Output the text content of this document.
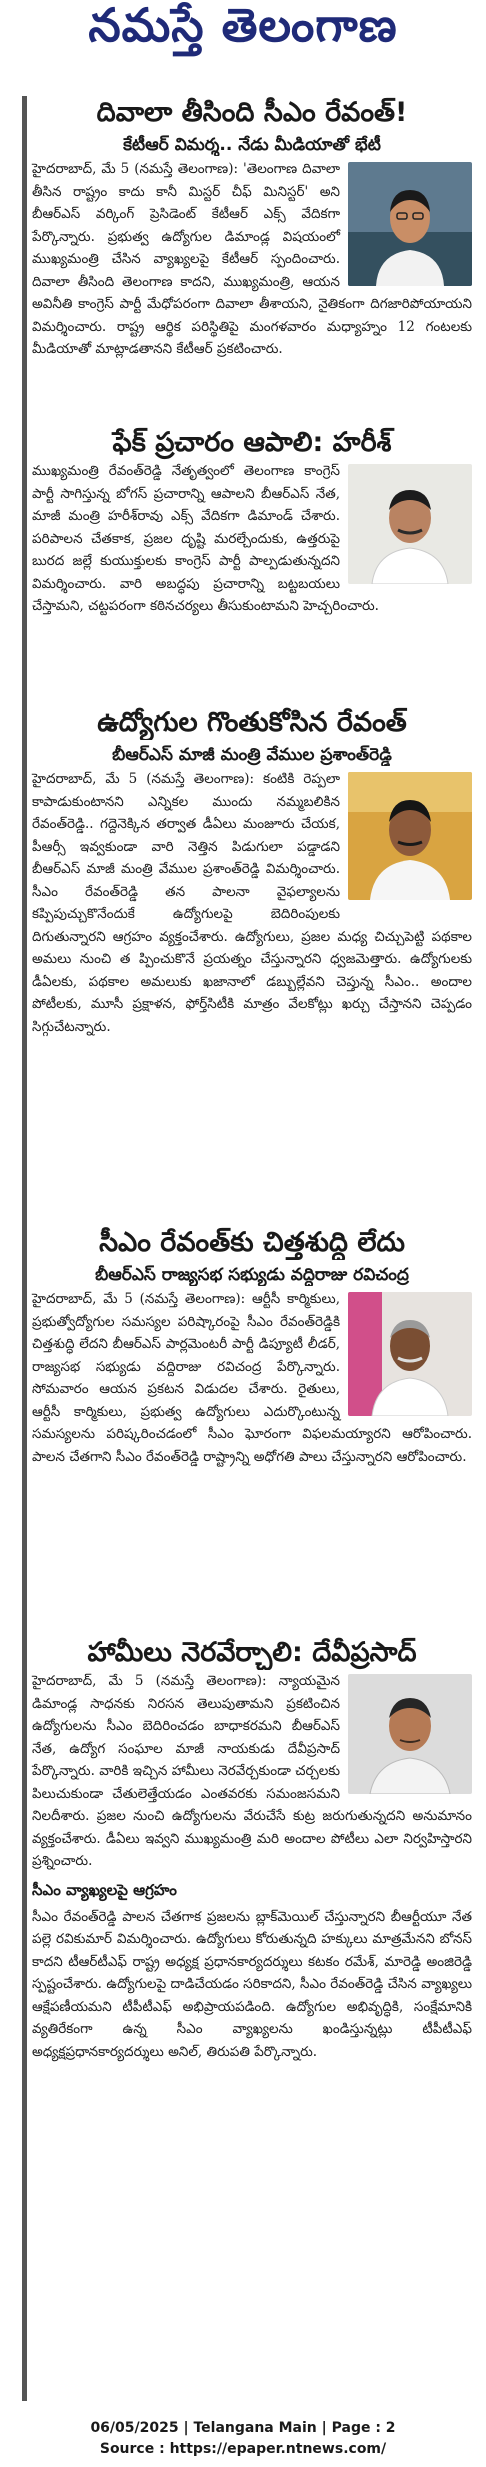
నమస్తే తెలంగాణ
దివాలా తీసింది సీఎం రేవంత్!
కేటీఆర్ విమర్శ.. నేడు మీడియాతో భేటీ

హైదరాబాద్, మే 5 (నమస్తే తెలంగాణ): 'తెలంగాణ దివాలా తీసిన రాష్ట్రం కాదు కానీ మిస్టర్ చీఫ్ మినిస్టర్' అని బీఆర్ఎస్ వర్కింగ్ ప్రెసిడెంట్ కేటీఆర్ ఎక్స్ వేదికగా పేర్కొన్నారు. ప్రభుత్వ ఉద్యోగుల డిమాండ్ల విషయంలో ముఖ్యమంత్రి చేసిన వ్యాఖ్యలపై కేటీఆర్ స్పందించారు. దివాలా తీసింది తెలంగాణ కాదని, ముఖ్యమంత్రి, ఆయన అవినీతి కాంగ్రెస్ పార్టీ మేధోపరంగా దివాలా తీశాయని, నైతికంగా దిగజారిపోయాయని విమర్శించారు. రాష్ట్ర ఆర్థిక పరిస్థితిపై మంగళవారం మధ్యాహ్నం 12 గంటలకు మీడియాతో మాట్లాడతానని కేటీఆర్ ప్రకటించారు.

ఫేక్ ప్రచారం ఆపాలి: హరీశ్

ముఖ్యమంత్రి రేవంత్‌రెడ్డి నేతృత్వంలో తెలంగాణ కాంగ్రెస్ పార్టీ సాగిస్తున్న బోగస్ ప్రచారాన్ని ఆపాలని బీఆర్ఎస్ నేత, మాజీ మంత్రి హరీశ్‌రావు ఎక్స్ వేదికగా డిమాండ్ చేశారు. పరిపాలన చేతకాక, ప్రజల దృష్టి మరల్చేందుకు, ఉత్తరుపై బురద జల్లే కుయుక్తులకు కాంగ్రెస్ పార్టీ పాల్పడుతున్నదని విమర్శించారు. వారి అబద్ధపు ప్రచారాన్ని బట్టబయలు చేస్తామని, చట్టపరంగా కఠినచర్యలు తీసుకుంటామని హెచ్చరించారు.

ఉద్యోగుల గొంతుకోసిన రేవంత్
బీఆర్ఎస్ మాజీ మంత్రి వేముల ప్రశాంత్‌రెడ్డి

హైదరాబాద్, మే 5 (నమస్తే తెలంగాణ): కంటికి రెప్పలా కాపాడుకుంటానని ఎన్నికల ముందు నమ్మబలికిన రేవంత్‌రెడ్డి.. గద్దెనెక్కిన తర్వాత డీఏలు మంజూరు చేయక, పీఆర్సీ ఇవ్వకుండా వారి నెత్తిన పిడుగులా పడ్డాడని బీఆర్ఎస్ మాజీ మంత్రి వేముల ప్రశాంత్‌రెడ్డి విమర్శించారు. సీఎం రేవంత్‌రెడ్డి తన పాలనా వైఫల్యాలను కప్పిపుచ్చుకొనేందుకే ఉద్యోగులపై బెదిరింపులకు దిగుతున్నారని ఆగ్రహం వ్యక్తంచేశారు. ఉద్యోగులు, ప్రజల మధ్య చిచ్చుపెట్టి పథకాల అమలు నుంచి త ప్పించుకొనే ప్రయత్నం చేస్తున్నారని ధ్వజమెత్తారు. ఉద్యోగులకు డీఏలకు, పథకాల అమలుకు ఖజానాలో డబ్బుల్లేవని చెప్తున్న సీఎం.. అందాల పోటీలకు, మూసీ ప్రక్షాళన, ఫోర్త్‌సిటీకి మాత్రం వేలకోట్లు ఖర్చు చేస్తానని చెప్పడం సిగ్గుచేటన్నారు.

సీఎం రేవంత్‌కు చిత్తశుద్ధి లేదు
బీఆర్ఎస్ రాజ్యసభ సభ్యుడు వద్దిరాజు రవిచంద్ర

హైదరాబాద్, మే 5 (నమస్తే తెలంగాణ): ఆర్టీసీ కార్మికులు, ప్రభుత్వోద్యోగుల సమస్యల పరిష్కారంపై సీఎం రేవంత్‌రెడ్డికి చిత్తశుద్ధి లేదని బీఆర్ఎస్ పార్లమెంటరీ పార్టీ డిప్యూటీ లీడర్, రాజ్యసభ సభ్యుడు వద్దిరాజు రవిచంద్ర పేర్కొన్నారు. సోమవారం ఆయన ప్రకటన విడుదల చేశారు. రైతులు, ఆర్టీసీ కార్మికులు, ప్రభుత్వ ఉద్యోగులు ఎదుర్కొంటున్న సమస్యలను పరిష్కరించడంలో సీఎం ఘోరంగా విఫలమయ్యారని ఆరోపించారు. పాలన చేతగాని సీఎం రేవంత్‌రెడ్డి రాష్ట్రాన్ని అధోగతి పాలు చేస్తున్నారని ఆరోపించారు.

హామీలు నెరవేర్చాలి: దేవీప్రసాద్

హైదరాబాద్, మే 5 (నమస్తే తెలంగాణ): న్యాయమైన డిమాండ్ల సాధనకు నిరసన తెలుపుతామని ప్రకటించిన ఉద్యోగులను సీఎం బెదిరించడం బాధాకరమని బీఆర్ఎస్ నేత, ఉద్యోగ సంఘాల మాజీ నాయకుడు దేవీప్రసాద్ పేర్కొన్నారు. వారికి ఇచ్చిన హామీలు నెరవేర్చకుండా చర్చలకు పిలుచుకుండా చేతులెత్తేయడం ఎంతవరకు సమంజసమని నిలదీశారు. ప్రజల నుంచి ఉద్యోగులను వేరుచేసే కుట్ర జరుగుతున్నదని అనుమానం వ్యక్తంచేశారు. డీఏలు ఇవ్వని ముఖ్యమంత్రి మరి అందాల పోటీలు ఎలా నిర్వహిస్తారని ప్రశ్నించారు.

సీఎం వ్యాఖ్యలపై ఆగ్రహం

సీఎం రేవంత్‌రెడ్డి పాలన చేతగాక ప్రజలను బ్లాక్‌మెయిల్ చేస్తున్నారని బీఆర్టీయూ నేత పల్లె రవికుమార్ విమర్శించారు. ఉద్యోగులు కోరుతున్నది హక్కులు మాత్రమేనని బోనస్ కాదని టీఆర్‌టీఎఫ్ రాష్ట్ర అధ్యక్ష ప్రధానకార్యదర్శులు కటకం రమేశ్, మారెడ్డి అంజిరెడ్డి స్పష్టంచేశారు. ఉద్యోగులపై దాడిచేయడం సరికాదని, సీఎం రేవంత్‌రెడ్డి చేసిన వ్యాఖ్యలు ఆక్షేపణీయమని టీపీటీఎఫ్ అభిప్రాయపడింది. ఉద్యోగుల అభివృద్ధికి, సంక్షేమానికి వ్యతిరేకంగా ఉన్న సీఎం వ్యాఖ్యలను ఖండిస్తున్నట్లు టీపీటీఎఫ్ అధ్యక్షప్రధానకార్యదర్శులు అనిల్, తిరుపతి పేర్కొన్నారు.

06/05/2025 | Telangana Main | Page : 2
Source : https://epaper.ntnews.com/
